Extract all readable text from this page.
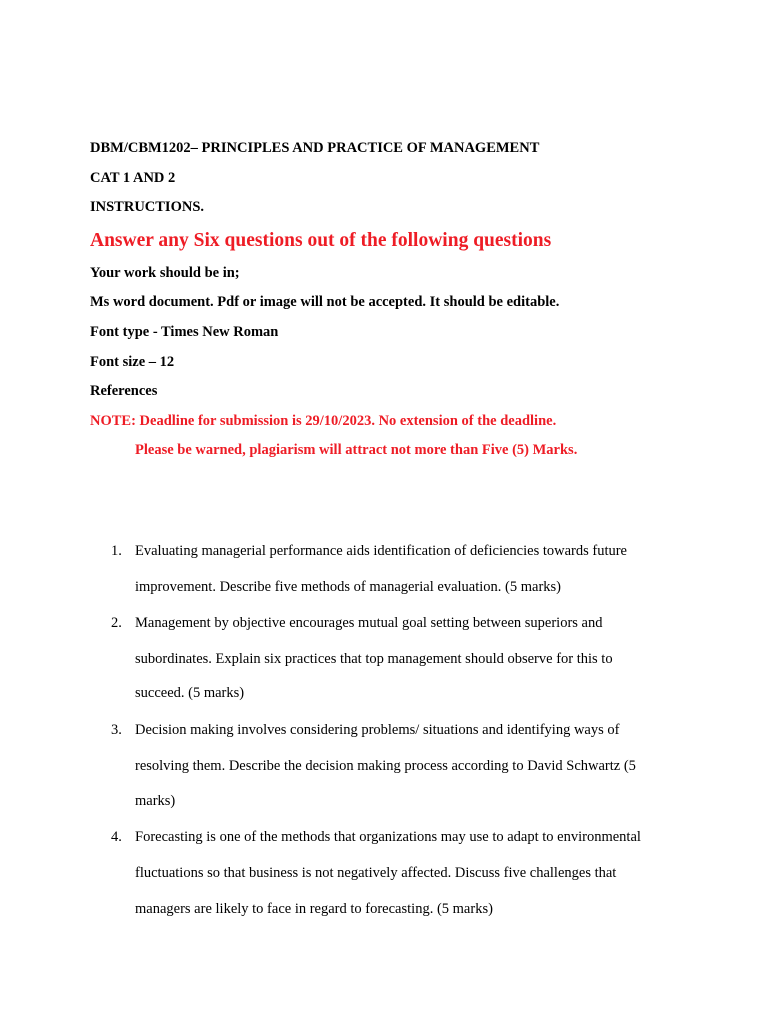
DBM/CBM1202– PRINCIPLES AND PRACTICE OF MANAGEMENT
CAT 1 AND 2
INSTRUCTIONS.
Answer any Six questions out of the following questions
Your work should be in;
Ms word document. Pdf or image will not be accepted. It should be editable.
Font type - Times New Roman
Font size – 12
References
NOTE: Deadline for submission is 29/10/2023. No extension of the deadline.
Please be warned, plagiarism will attract not more than Five (5) Marks.
1. Evaluating managerial performance aids identification of deficiencies towards future
improvement. Describe five methods of managerial evaluation. (5 marks)
2. Management by objective encourages mutual goal setting between superiors and
subordinates. Explain six practices that top management should observe for this to
succeed. (5 marks)
3. Decision making involves considering problems/ situations and identifying ways of
resolving them. Describe the decision making process according to David Schwartz (5
marks)
4. Forecasting is one of the methods that organizations may use to adapt to environmental
fluctuations so that business is not negatively affected. Discuss five challenges that
managers are likely to face in regard to forecasting. (5 marks)
